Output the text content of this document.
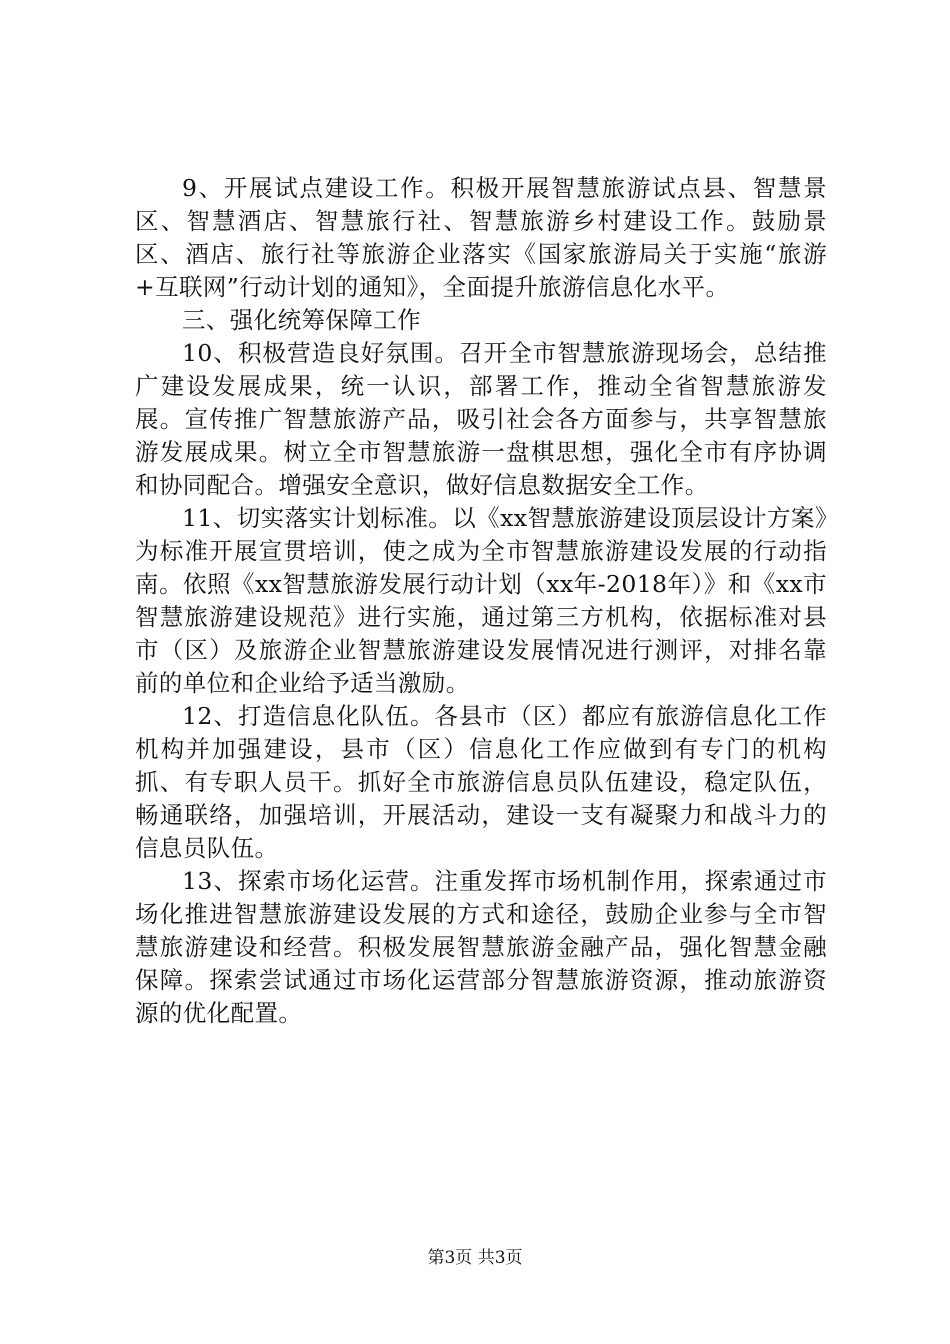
9、开展试点建设工作。积极开展智慧旅游试点县、智慧景区、智慧酒店、智慧旅行社、智慧旅游乡村建设工作。鼓励景区、酒店、旅行社等旅游企业落实《国家旅游局关于实施“旅游+互联网”行动计划的通知》，全面提升旅游信息化水平。

三、强化统筹保障工作

10、积极营造良好氛围。召开全市智慧旅游现场会，总结推广建设发展成果，统一认识，部署工作，推动全省智慧旅游发展。宣传推广智慧旅游产品，吸引社会各方面参与，共享智慧旅游发展成果。树立全市智慧旅游一盘棋思想，强化全市有序协调和协同配合。增强安全意识，做好信息数据安全工作。

11、切实落实计划标准。以《xx智慧旅游建设顶层设计方案》为标准开展宣贯培训，使之成为全市智慧旅游建设发展的行动指南。依照《xx智慧旅游发展行动计划（xx年-2018年）》和《xx市智慧旅游建设规范》进行实施，通过第三方机构，依据标准对县市（区）及旅游企业智慧旅游建设发展情况进行测评，对排名靠前的单位和企业给予适当激励。

12、打造信息化队伍。各县市（区）都应有旅游信息化工作机构并加强建设，县市（区）信息化工作应做到有专门的机构抓、有专职人员干。抓好全市旅游信息员队伍建设，稳定队伍，畅通联络，加强培训，开展活动，建设一支有凝聚力和战斗力的信息员队伍。

13、探索市场化运营。注重发挥市场机制作用，探索通过市场化推进智慧旅游建设发展的方式和途径，鼓励企业参与全市智慧旅游建设和经营。积极发展智慧旅游金融产品，强化智慧金融保障。探索尝试通过市场化运营部分智慧旅游资源，推动旅游资源的优化配置。

第3页 共3页
